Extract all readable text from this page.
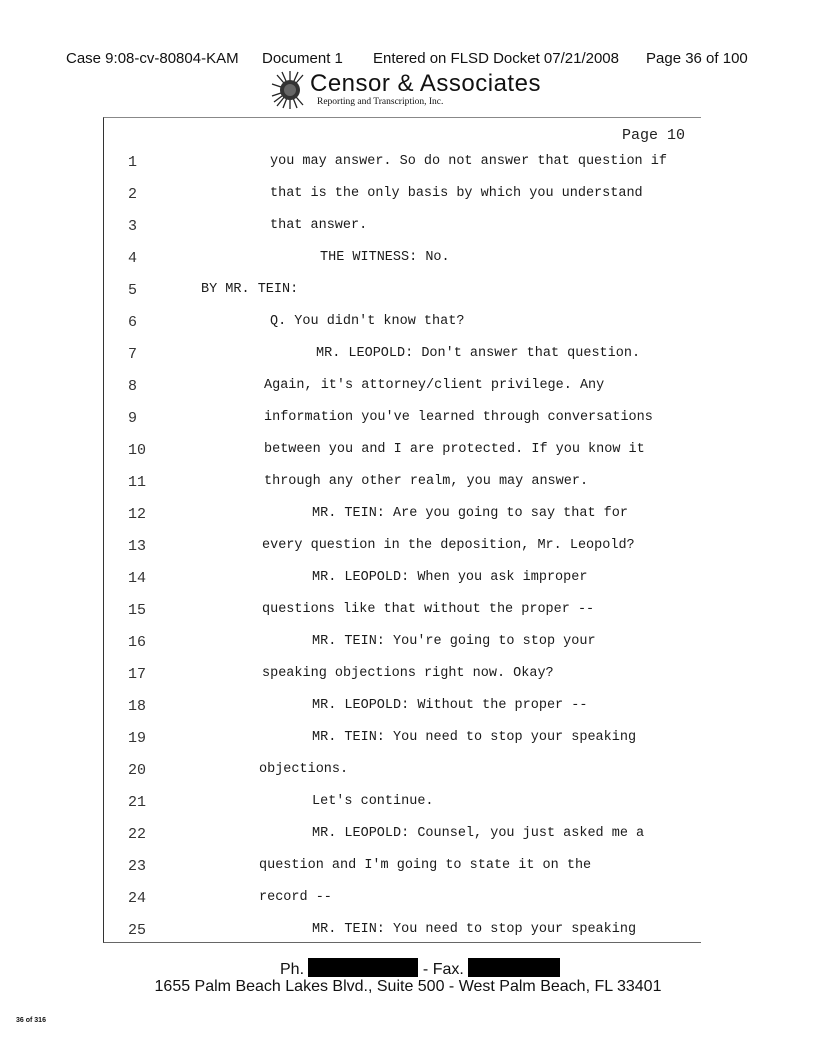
Case 9:08-cv-80804-KAM Document 1 Entered on FLSD Docket 07/21/2008 Page 36 of 100
Censor & Associates
Reporting and Transcription, Inc.
Page 10
1	you may answer. So do not answer that question if
2	that is the only basis by which you understand
3	that answer.
4	THE WITNESS: No.
5	BY MR. TEIN:
6	Q. You didn't know that?
7	MR. LEOPOLD: Don't answer that question.
8	Again, it's attorney/client privilege. Any
9	information you've learned through conversations
10	between you and I are protected. If you know it
11	through any other realm, you may answer.
12	MR. TEIN: Are you going to say that for
13	every question in the deposition, Mr. Leopold?
14	MR. LEOPOLD: When you ask improper
15	questions like that without the proper --
16	MR. TEIN: You're going to stop your
17	speaking objections right now. Okay?
18	MR. LEOPOLD: Without the proper --
19	MR. TEIN: You need to stop your speaking
20	objections.
21	Let's continue.
22	MR. LEOPOLD: Counsel, you just asked me a
23	question and I'm going to state it on the
24	record --
25	MR. TEIN: You need to stop your speaking
Ph.	- Fax.
1655 Palm Beach Lakes Blvd., Suite 500 - West Palm Beach, FL 33401
36 of 316
